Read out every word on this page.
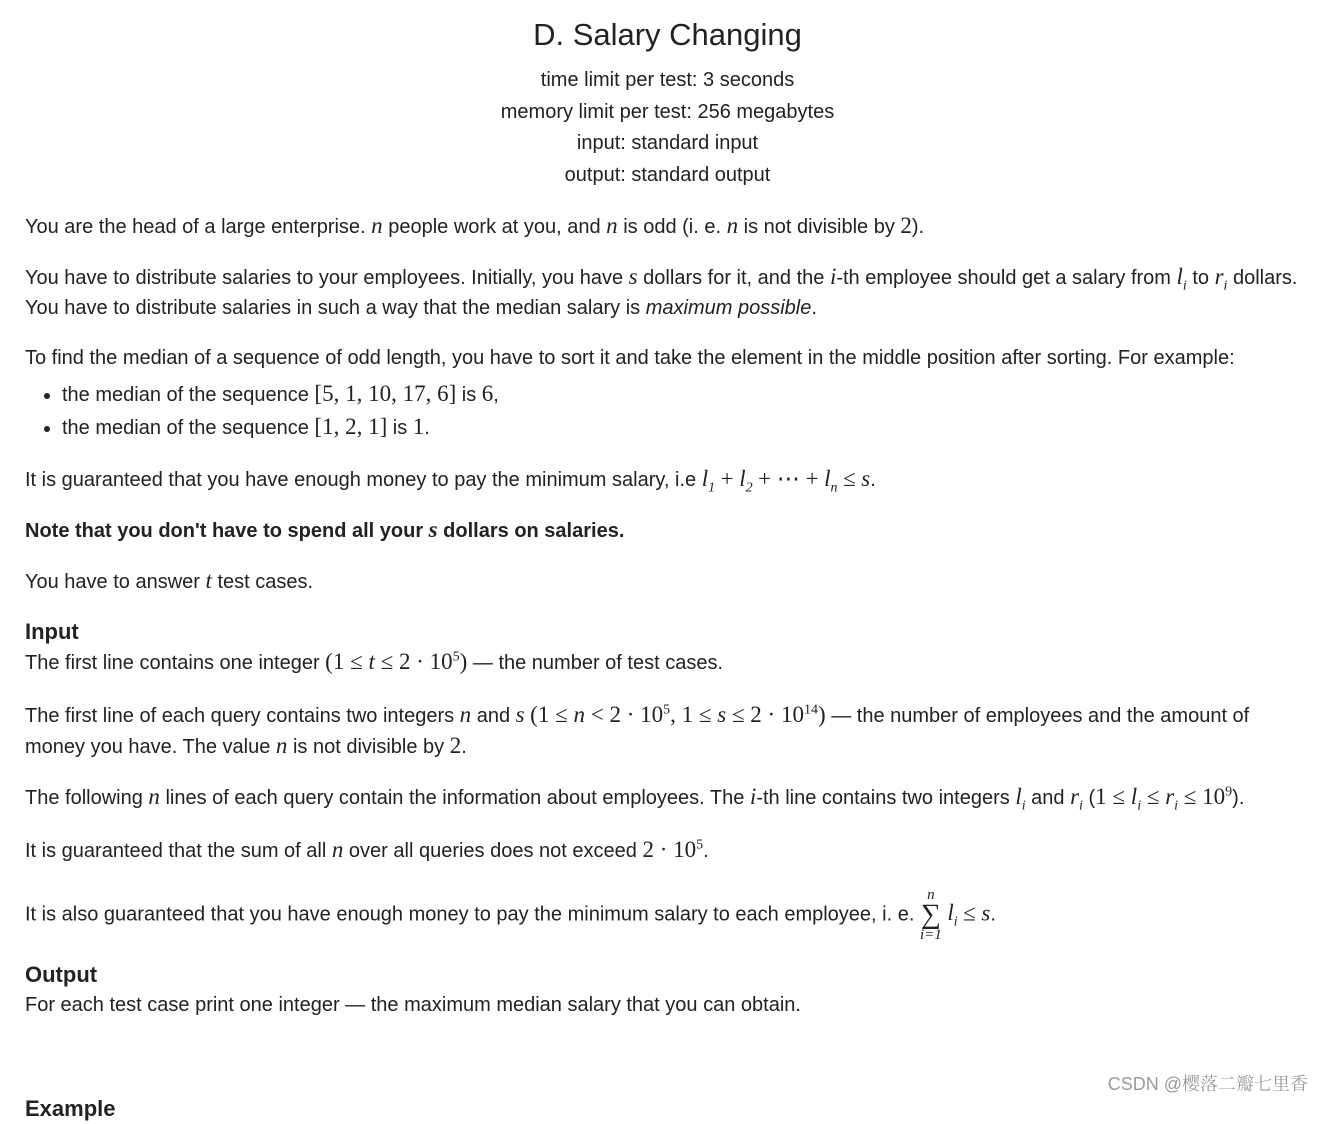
D. Salary Changing
time limit per test: 3 seconds
memory limit per test: 256 megabytes
input: standard input
output: standard output

You are the head of a large enterprise. n people work at you, and n is odd (i. e. n is not divisible by 2).

You have to distribute salaries to your employees. Initially, you have s dollars for it, and the i-th employee should get a salary from $l_i$ to $r_i$ dollars. You have to distribute salaries in such a way that the median salary is maximum possible.

To find the median of a sequence of odd length, you have to sort it and take the element in the middle position after sorting. For example:

• the median of the sequence [5, 1, 10, 17, 6] is 6,
• the median of the sequence [1, 2, 1] is 1.

It is guaranteed that you have enough money to pay the minimum salary, i.e $l_1 + l_2$ + ⋯ + $l_n \le s$.

Note that you don't have to spend all your s dollars on salaries.

You have to answer t test cases.

Input

The first line contains one integer $(1 \le t \le 2 \cdot 10^5)$ — the number of test cases.

The first line of each query contains two integers n and s ($1 \le n < 2 \cdot 10^5$, $1 \le s \le 2 \cdot 10^{14}$) — the number of employees and the amount of money you have. The value n is not divisible by 2.

The following n lines of each query contain the information about employees. The i-th line contains two integers $l_i$ and $r_i$ $(1 \le l_i \le r_i \le 10^9)$.

It is guaranteed that the sum of all n over all queries does not exceed $2 \cdot 10^5$.

It is also guaranteed that you have enough money to pay the minimum salary to each employee, i. e.
n
∑
i=1
$l_i \le s$.

Output

For each test case print one integer — the maximum median salary that you can obtain.

Example
CSDN @樱落二瓣七里香
